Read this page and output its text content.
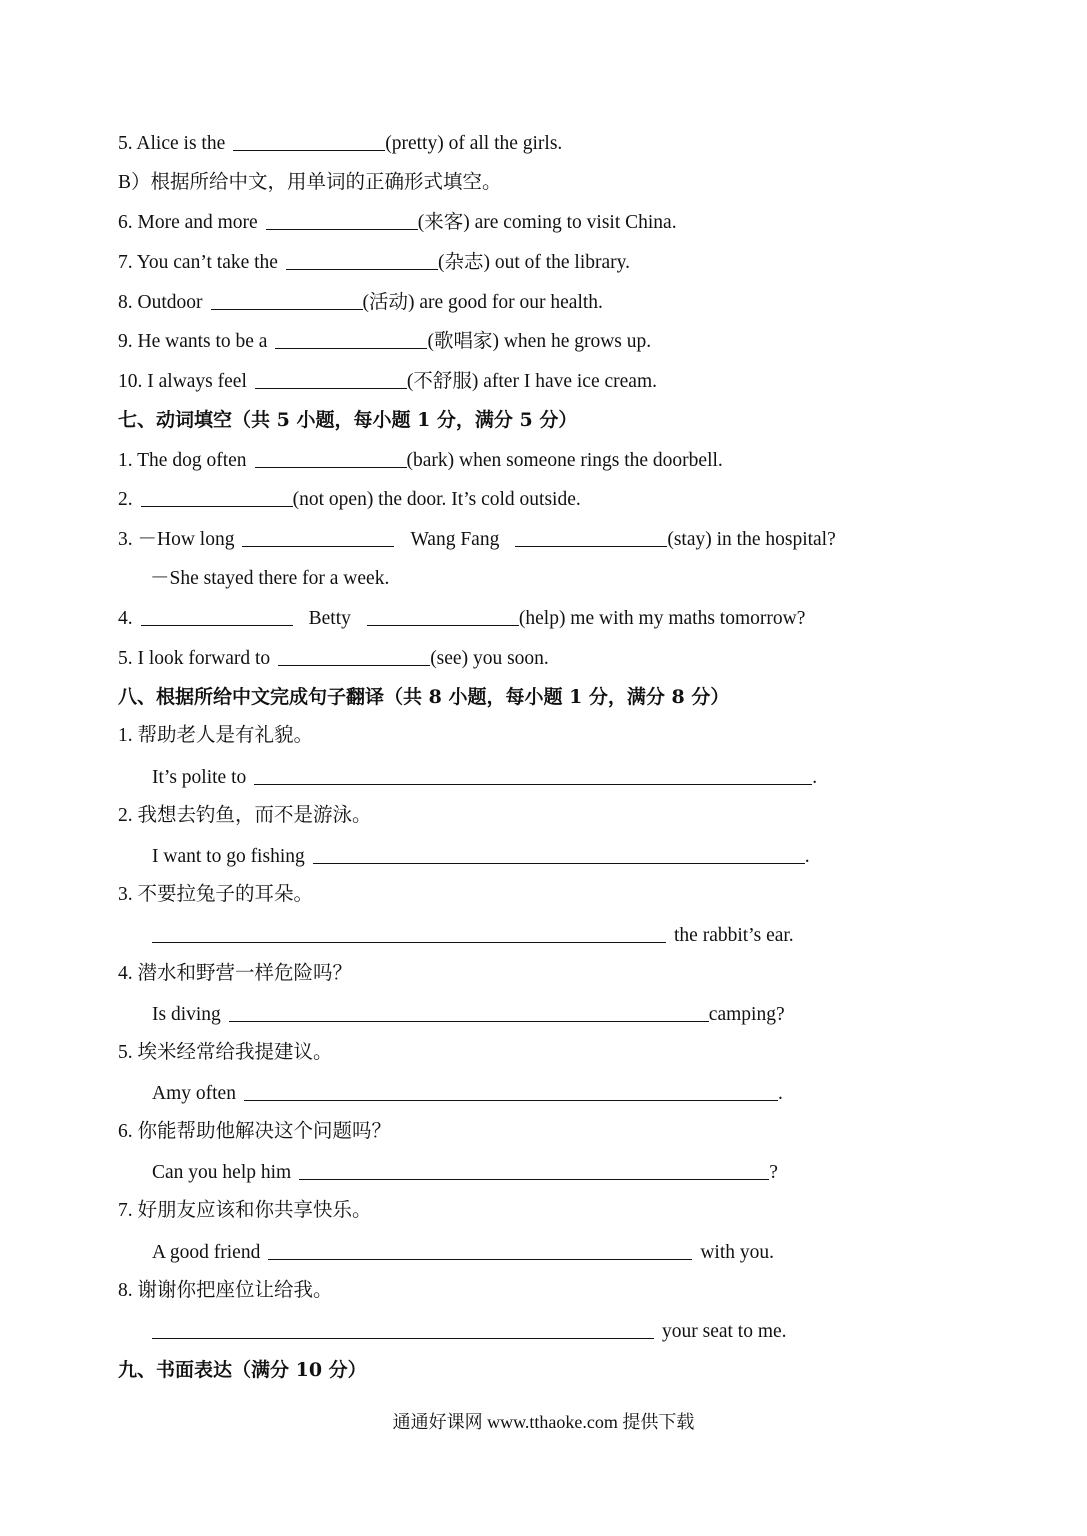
5. Alice is the	(pretty) of all the girls.
B）根据所给中文，用单词的正确形式填空。
6. More and more	(来客) are coming to visit China.
7. You can’t take the	(杂志) out of the library.
8. Outdoor	(活动) are good for our health.
9. He wants to be a	(歌唱家) when he grows up.
10. I always feel	(不舒服) after I have ice cream.
七、动词填空（共 5 小题，每小题 1 分，满分 5 分）
1. The dog often	(bark) when someone rings the doorbell.
2.	(not open) the door. It’s cold outside.
3. －How long	Wang Fang	(stay) in the hospital?
－She stayed there for a week.
4.	Betty	(help) me with my maths tomorrow?
5. I look forward to	(see) you soon.
八、根据所给中文完成句子翻译（共 8 小题，每小题 1 分，满分 8 分）
1. 帮助老人是有礼貌。
It’s polite to	.
2. 我想去钓鱼，而不是游泳。
I want to go fishing	.
3. 不要拉兔子的耳朵。
the rabbit’s ear.
4. 潜水和野营一样危险吗？
Is diving	camping?
5. 埃米经常给我提建议。
Amy often	.
6. 你能帮助他解决这个问题吗？
Can you help him	?
7. 好朋友应该和你共享快乐。
A good friend	with you.
8. 谢谢你把座位让给我。
your seat to me.
九、书面表达（满分 10 分）
通通好课网 www.tthaoke.com 提供下载
